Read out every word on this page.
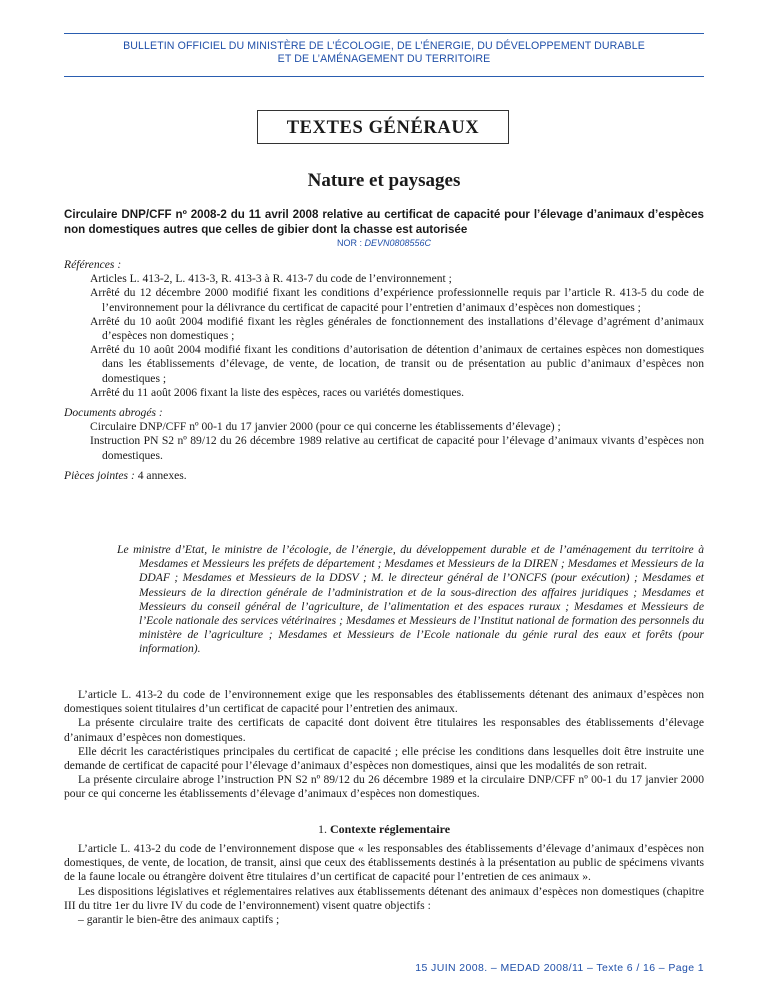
BULLETIN OFFICIEL DU MINISTÈRE DE L’ÉCOLOGIE, DE L’ÉNERGIE, DU DÉVELOPPEMENT DURABLE
ET DE L’AMÉNAGEMENT DU TERRITOIRE
TEXTES GÉNÉRAUX
Nature et paysages
Circulaire DNP/CFF nº 2008-2 du 11 avril 2008 relative au certificat de capacité pour l’élevage d’animaux d’espèces non domestiques autres que celles de gibier dont la chasse est autorisée
NOR : DEVN0808556C
Références :
Articles L. 413-2, L. 413-3, R. 413-3 à R. 413-7 du code de l’environnement ;
Arrêté du 12 décembre 2000 modifié fixant les conditions d’expérience professionnelle requis par l’article R. 413-5 du code de l’environnement pour la délivrance du certificat de capacité pour l’entretien d’animaux d’espèces non domestiques ;
Arrêté du 10 août 2004 modifié fixant les règles générales de fonctionnement des installations d’élevage d’agrément d’animaux d’espèces non domestiques ;
Arrêté du 10 août 2004 modifié fixant les conditions d’autorisation de détention d’animaux de certaines espèces non domestiques dans les établissements d’élevage, de vente, de location, de transit ou de présentation au public d’animaux d’espèces non domestiques ;
Arrêté du 11 août 2006 fixant la liste des espèces, races ou variétés domestiques.
Documents abrogés :
Circulaire DNP/CFF nº 00-1 du 17 janvier 2000 (pour ce qui concerne les établissements d’élevage) ;
Instruction PN S2 nº 89/12 du 26 décembre 1989 relative au certificat de capacité pour l’élevage d’animaux vivants d’espèces non domestiques.
Pièces jointes : 4 annexes.

Le ministre d’Etat, le ministre de l’écologie, de l’énergie, du développement durable et de l’aménagement du territoire à Mesdames et Messieurs les préfets de département ; Mesdames et Messieurs de la DIREN ; Mesdames et Messieurs de la DDAF ; Mesdames et Messieurs de la DDSV ; M. le directeur général de l’ONCFS (pour exécution) ; Mesdames et Messieurs de la direction générale de l’administration et de la sous-direction des affaires juridiques ; Mesdames et Messieurs du conseil général de l’agriculture, de l’alimentation et des espaces ruraux ; Mesdames et Messieurs de l’Ecole nationale des services vétérinaires ; Mesdames et Messieurs de l’Institut national de formation des personnels du ministère de l’agriculture ; Mesdames et Messieurs de l’Ecole nationale du génie rural des eaux et forêts (pour information).

L’article L. 413-2 du code de l’environnement exige que les responsables des établissements détenant des animaux d’espèces non domestiques soient titulaires d’un certificat de capacité pour l’entretien des animaux.

La présente circulaire traite des certificats de capacité dont doivent être titulaires les responsables des établissements d’élevage d’animaux d’espèces non domestiques.

Elle décrit les caractéristiques principales du certificat de capacité ; elle précise les conditions dans lesquelles doit être instruite une demande de certificat de capacité pour l’élevage d’animaux d’espèces non domestiques, ainsi que les modalités de son retrait.

La présente circulaire abroge l’instruction PN S2 nº 89/12 du 26 décembre 1989 et la circulaire DNP/CFF nº 00-1 du 17 janvier 2000 pour ce qui concerne les établissements d’élevage d’animaux d’espèces non domestiques.

1. Contexte réglementaire

L’article L. 413-2 du code de l’environnement dispose que « les responsables des établissements d’élevage d’animaux d’espèces non domestiques, de vente, de location, de transit, ainsi que ceux des établissements destinés à la présentation au public de spécimens vivants de la faune locale ou étrangère doivent être titulaires d’un certificat de capacité pour l’entretien de ces animaux ».

Les dispositions législatives et réglementaires relatives aux établissements détenant des animaux d’espèces non domestiques (chapitre III du titre 1er du livre IV du code de l’environnement) visent quatre objectifs :

– garantir le bien-être des animaux captifs ;

15 JUIN 2008. – MEDAD 2008/11 – Texte 6 / 16 – Page 1
